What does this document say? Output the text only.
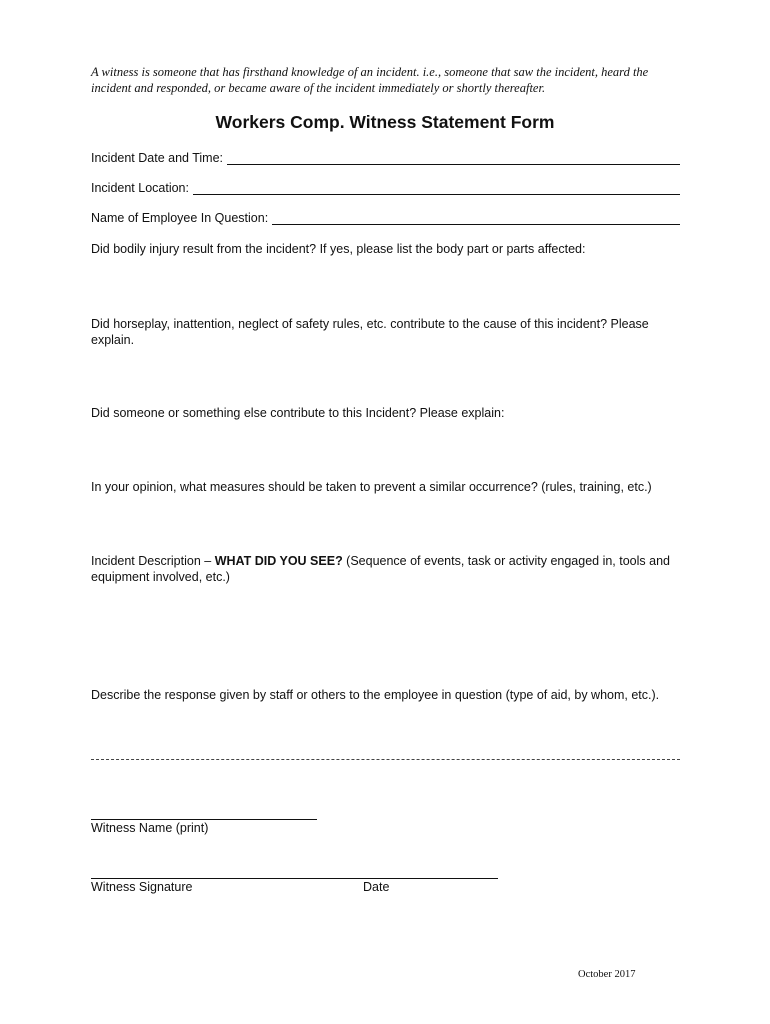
A witness is someone that has firsthand knowledge of an incident. i.e., someone that saw the incident, heard the incident and responded, or became aware of the incident immediately or shortly thereafter.

Workers Comp. Witness Statement Form
Incident Date and Time:
Incident Location:
Name of Employee In Question:

Did bodily injury result from the incident? If yes, please list the body part or parts affected:

Did horseplay, inattention, neglect of safety rules, etc. contribute to the cause of this incident? Please explain.

Did someone or something else contribute to this Incident? Please explain:

In your opinion, what measures should be taken to prevent a similar occurrence? (rules, training, etc.)

Incident Description – WHAT DID YOU SEE? (Sequence of events, task or activity engaged in, tools and equipment involved, etc.)

Describe the response given by staff or others to the employee in question (type of aid, by whom, etc.).

Witness Name (print)
Witness Signature	Date
October 2017
